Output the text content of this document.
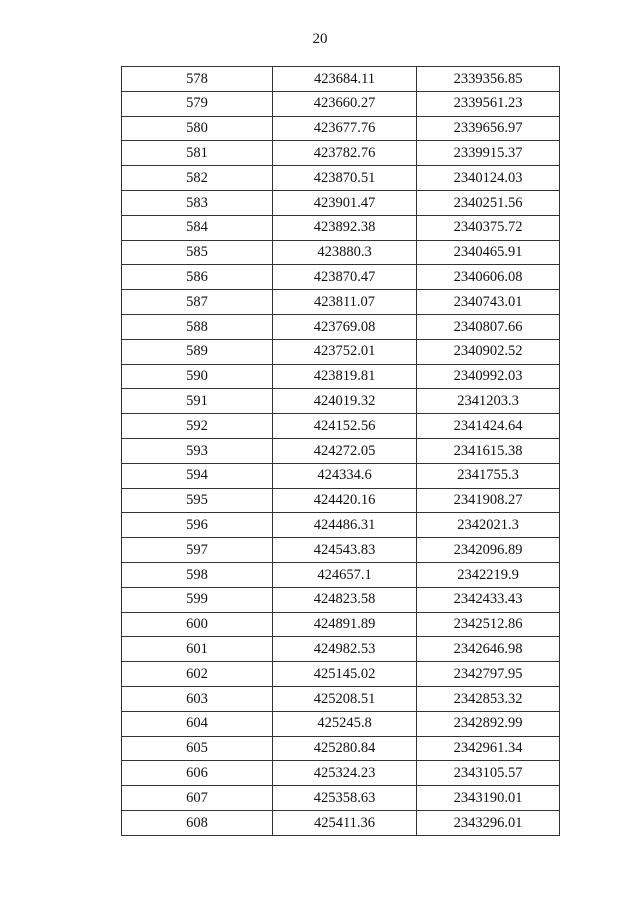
20
578	423684.11	2339356.85
579	423660.27	2339561.23
580	423677.76	2339656.97
581	423782.76	2339915.37
582	423870.51	2340124.03
583	423901.47	2340251.56
584	423892.38	2340375.72
585	423880.3	2340465.91
586	423870.47	2340606.08
587	423811.07	2340743.01
588	423769.08	2340807.66
589	423752.01	2340902.52
590	423819.81	2340992.03
591	424019.32	2341203.3
592	424152.56	2341424.64
593	424272.05	2341615.38
594	424334.6	2341755.3
595	424420.16	2341908.27
596	424486.31	2342021.3
597	424543.83	2342096.89
598	424657.1	2342219.9
599	424823.58	2342433.43
600	424891.89	2342512.86
601	424982.53	2342646.98
602	425145.02	2342797.95
603	425208.51	2342853.32
604	425245.8	2342892.99
605	425280.84	2342961.34
606	425324.23	2343105.57
607	425358.63	2343190.01
608	425411.36	2343296.01
